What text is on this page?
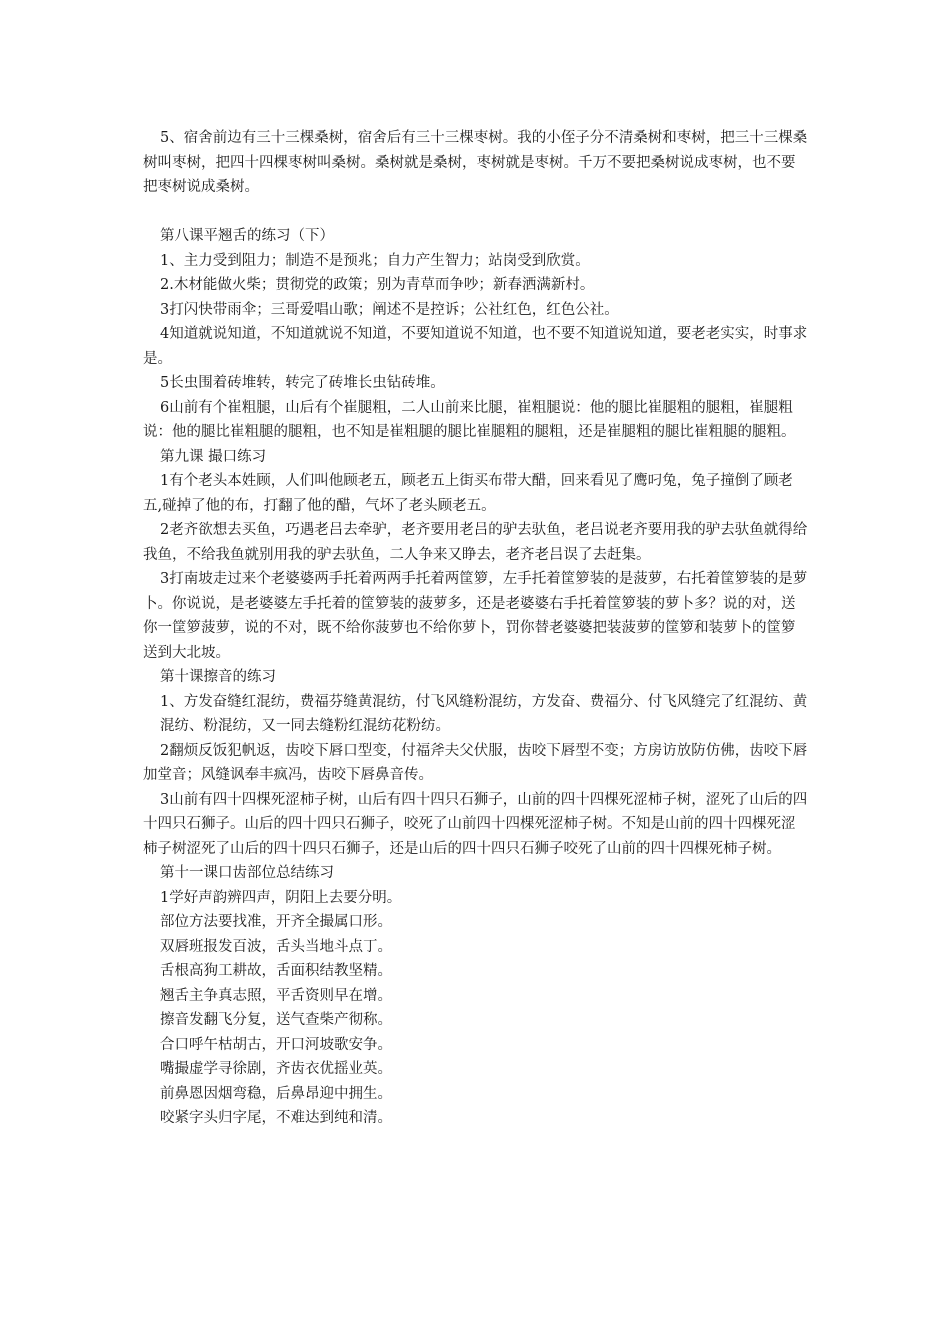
5、宿舍前边有三十三棵桑树，宿舍后有三十三棵枣树。我的小侄子分不清桑树和枣树，把三十三棵桑树叫枣树，把四十四棵枣树叫桑树。桑树就是桑树，枣树就是枣树。千万不要把桑树说成枣树，也不要把枣树说成桑树。

第八课平翘舌的练习（下）

1、主力受到阻力；制造不是预兆；自力产生智力；站岗受到欣赏。

2.木材能做火柴；贯彻党的政策；别为青草而争吵；新春洒满新村。

3打闪快带雨伞；三哥爱唱山歌；阐述不是控诉；公社红色，红色公社。

4知道就说知道，不知道就说不知道，不要知道说不知道，也不要不知道说知道，要老老实实，时事求是。

5长虫围着砖堆转，转完了砖堆长虫钻砖堆。

6山前有个崔粗腿，山后有个崔腿粗，二人山前来比腿，崔粗腿说：他的腿比崔腿粗的腿粗，崔腿粗说：他的腿比崔粗腿的腿粗，也不知是崔粗腿的腿比崔腿粗的腿粗，还是崔腿粗的腿比崔粗腿的腿粗。

第九课 撮口练习

1有个老头本姓顾，人们叫他顾老五，顾老五上街买布带大醋，回来看见了鹰叼兔，兔子撞倒了顾老五,碰掉了他的布，打翻了他的醋，气坏了老头顾老五。

2老齐欲想去买鱼，巧遇老吕去牵驴，老齐要用老吕的驴去驮鱼，老吕说老齐要用我的驴去驮鱼就得给我鱼，不给我鱼就别用我的驴去驮鱼，二人争来又睁去，老齐老吕误了去赶集。

3打南坡走过来个老婆婆两手托着两两手托着两筐箩，左手托着筐箩装的是菠萝，右托着筐箩装的是萝卜。你说说，是老婆婆左手托着的筐箩装的菠萝多，还是老婆婆右手托着筐箩装的萝卜多？说的对，送你一筐箩菠萝，说的不对，既不给你菠萝也不给你萝卜，罚你替老婆婆把装菠萝的筐箩和装萝卜的筐箩送到大北坡。

第十课擦音的练习

1、方发奋缝红混纺，费福芬缝黄混纺，付飞风缝粉混纺，方发奋、费福分、付飞风缝完了红混纺、黄混纺、粉混纺，又一同去缝粉红混纺花粉纺。

2翻烦反饭犯帆返，齿咬下唇口型变，付福斧夫父伏服，齿咬下唇型不变；方房访放防仿佛，齿咬下唇加堂音；风缝讽奉丰疯冯，齿咬下唇鼻音传。

3山前有四十四棵死涩柿子树，山后有四十四只石狮子，山前的四十四棵死涩柿子树，涩死了山后的四十四只石狮子。山后的四十四只石狮子，咬死了山前四十四棵死涩柿子树。不知是山前的四十四棵死涩柿子树涩死了山后的四十四只石狮子，还是山后的四十四只石狮子咬死了山前的四十四棵死柿子树。

第十一课口齿部位总结练习

1学好声韵辨四声，阴阳上去要分明。

部位方法要找准，开齐全撮属口形。

双唇班报发百波，舌头当地斗点丁。

舌根高狗工耕故，舌面积结教坚精。

翘舌主争真志照，平舌资则早在增。

擦音发翻飞分复，送气查柴产彻称。

合口呼午枯胡古，开口河坡歌安争。

嘴撮虚学寻徐剧，齐齿衣优摇业英。

前鼻恩因烟弯稳，后鼻昂迎中拥生。

咬紧字头归字尾，不难达到纯和清。
